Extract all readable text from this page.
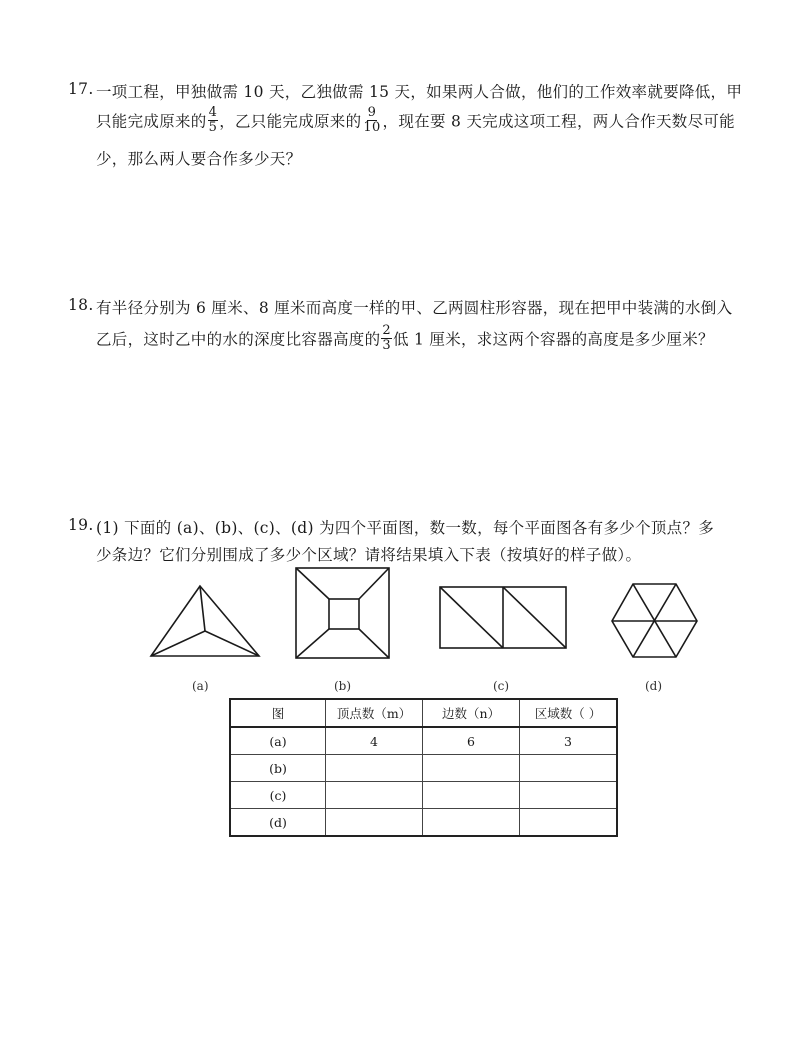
17. 一项工程，甲独做需 10 天，乙独做需 15 天，如果两人合做，他们的工作效率就要降低，甲
只能完成原来的 $\frac{4}{5}$ ，乙只能完成原来的 $\frac{9}{10}$ ，现在要 8 天完成这项工程，两人合作天数尽可能
少，那么两人要合作多少天？
18. 有半径分别为 6 厘米、8 厘米而高度一样的甲、乙两圆柱形容器，现在把甲中装满的水倒入
乙后，这时乙中的水的深度比容器高度的 $\frac{2}{3}$ 低 1 厘米，求这两个容器的高度是多少厘米？
19. (1) 下面的 (a)、(b)、(c)、(d) 为四个平面图，数一数，每个平面图各有多少个顶点？多
少条边？它们分别围成了多少个区域？请将结果填入下表（按填好的样子做）。
(a)	(b)	(c)	(d)
图	顶点数（m）	边数（n）	区域数（ ）
(a)	4	6	3
(b)			
(c)			
(d)			
